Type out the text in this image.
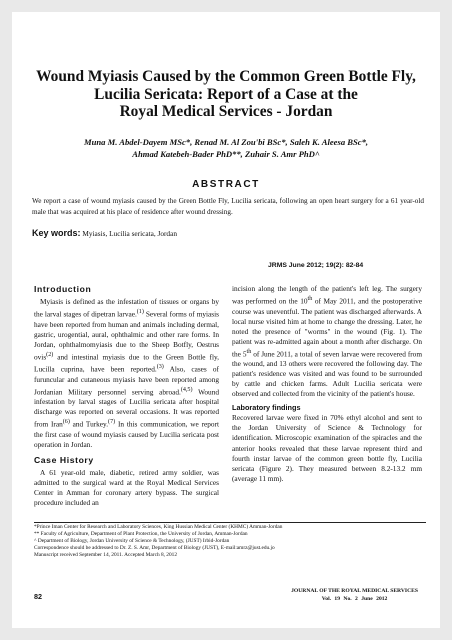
Wound Myiasis Caused by the Common Green Bottle Fly,
Lucilia Sericata: Report of a Case at the
Royal Medical Services - Jordan
Muna M. Abdel-Dayem MSc*, Renad M. Al Zou'bi BSc*, Saleh K. Aleesa BSc*,
Ahmad Katebeh-Bader PhD**, Zuhair S. Amr PhD^
ABSTRACT

We report a case of wound myiasis caused by the Green Bottle Fly, Lucilia sericata, following an open heart surgery for a 61 year-old male that was acquired at his place of residence after wound dressing.

Key words: Myiasis, Lucilia sericata, Jordan

JRMS June 2012; 19(2): 82-84
Introduction

Myiasis is defined as the infestation of tissues or organs by the larval stages of dipetran larvae.$^{(1)}$ Several forms of myiasis have been reported from human and animals including dermal, gastric, urogential, aural, ophthalmic and other rare forms. In Jordan, ophthalmomyiasis due to the Sheep Botfly, Oestrus ovis$^{(2)}$ and intestinal myiasis due to the Green Bottle fly, Lucilla cuprina, have been reported.$^{(3)}$ Also, cases of furuncular and cutaneous myiasis have been reported among Jordanian Military personnel serving abroad.$^{(4,5)}$ Wound infestation by larval stages of Lucilia sericata after hospital discharge was reported on several occasions. It was reported from Iran$^{(6)}$ and Turkey.$^{(7)}$ In this communication, we report the first case of wound myiasis caused by Lucilia sericata post operation in Jordan.

Case History

A 61 year-old male, diabetic, retired army soldier, was admitted to the surgical ward at the Royal Medical Services Center in Amman for coronary artery bypass. The surgical procedure included an

incision along the length of the patient's left leg. The surgery was performed on the 10th of May 2011, and the postoperative course was uneventful. The patient was discharged afterwards. A local nurse visited him at home to change the dressing. Later, he noted the presence of "worms" in the wound (Fig. 1). The patient was re-admitted again about a month after discharge. On the 5th of June 2011, a total of seven larvae were recovered from the wound, and 13 others were recovered the following day. The patient's residence was visited and was found to be surrounded by cattle and chicken farms. Adult Lucilia sericata were observed and collected from the vicinity of the patient's house.

Laboratory findings

Recovered larvae were fixed in 70% ethyl alcohol and sent to the Jordan University of Science & Technology for identification. Microscopic examination of the spiracles and the anterior hooks revealed that these larvae represent third and fourth instar larvae of the common green bottle fly, Lucilia sericata (Figure 2). They measured between 8.2-13.2 mm (average 11 mm).

*Prince Iman Center for Research and Laboratory Sciences, King Hussian Medical Center (KHMC) Amman-Jordan
** Faculty of Agriculture, Department of Plant Protection, the University of Jordan, Amman-Jordan
^ Department of Biology, Jordan University of Science & Technology, (JUST) Irbid-Jordan
Correspondence should be addressed to Dr. Z. S. Amr, Department of Biology (JUST), E-mail:amrz@just.edu.jo
Manuscript received September 14, 2011. Accepted March 8, 2012
82
JOURNAL OF THE ROYAL MEDICAL SERVICES
Vol. 19 No. 2 June 2012
